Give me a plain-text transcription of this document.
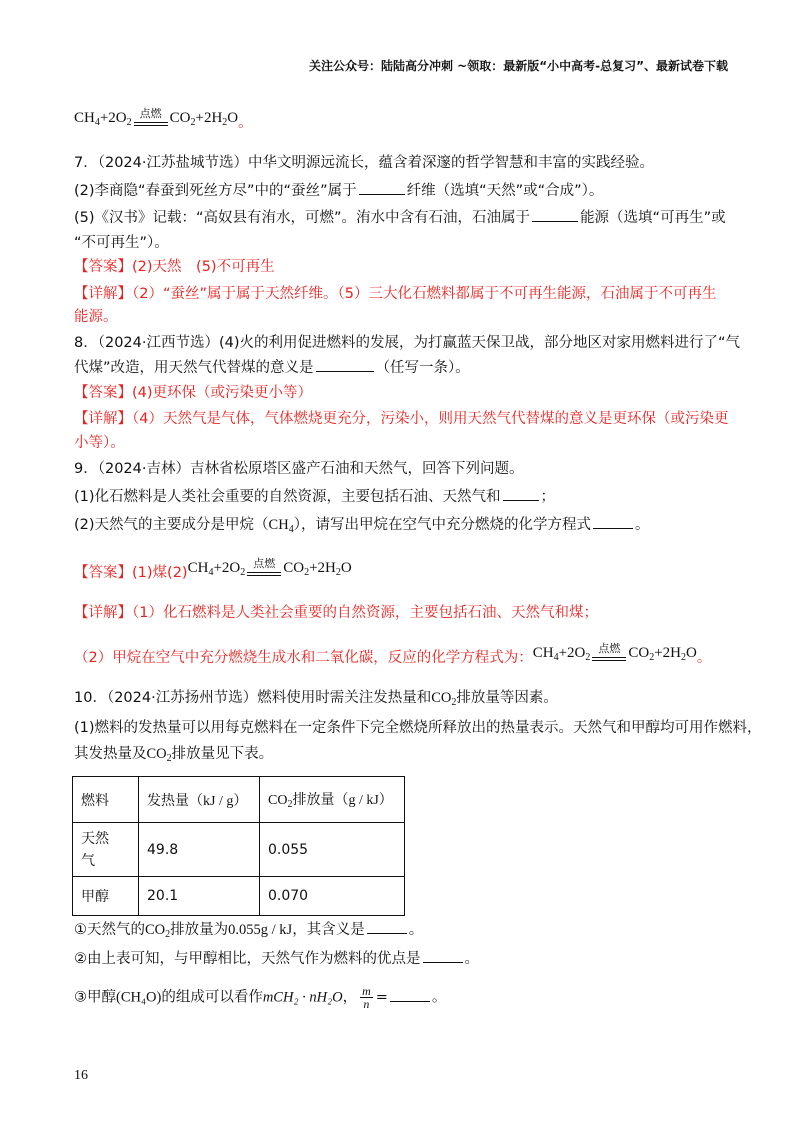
关注公众号：陆陆高分冲刺 ~领取：最新版“小中高考-总复习”、最新试卷下载
$CH_4+2O_2$
点燃 $CO_2+2H_2O$。
7．（2024·江苏盐城节选）中华文明源远流长，蕴含着深邃的哲学智慧和丰富的实践经验。
(2)李商隐“春蚕到死丝方尽”中的“蚕丝”属于	纤维（选填“天然”或“合成”）。
(5)《汉书》记载：“高奴县有洧水，可燃”。洧水中含有石油，石油属于	能源（选填“可再生”或
“不可再生”）。
【答案】(2)天然　(5)不可再生
【详解】（2）“蚕丝”属于属于天然纤维。（5）三大化石燃料都属于不可再生能源，石油属于不可再生
能源。
8．（2024·江西节选）(4)火的利用促进燃料的发展，为打赢蓝天保卫战，部分地区对家用燃料进行了“气
代煤”改造，用天然气代替煤的意义是	（任写一条）。
【答案】(4)更环保（或污染更小等）
【详解】（4）天然气是气体，气体燃烧更充分，污染小，则用天然气代替煤的意义是更环保（或污染更
小等）。
9．（2024·吉林）吉林省松原塔区盛产石油和天然气，回答下列问题。
(1)化石燃料是人类社会重要的自然资源，主要包括石油、天然气和	；
(2)天然气的主要成分是甲烷$(CH_4)$，请写出甲烷在空气中充分燃烧的化学方程式	。
【答案】(1)煤$(2)CH_4+2O_2$
点燃 $CO_2+2H_2O$
【详解】（1）化石燃料是人类社会重要的自然资源，主要包括石油、天然气和煤；
（2）甲烷在空气中充分燃烧生成水和二氧化碳，反应的化学方程式为：$CH_4+2O_2$
点燃 $CO_2+2H_2O$。
10．（2024·江苏扬州节选）燃料使用时需关注发热量和$CO_2$排放量等因素。
(1)燃料的发热量可以用每克燃料在一定条件下完全燃烧所释放出的热量表示。天然气和甲醇均可用作燃料，
其发热量及$CO_2$排放量见下表。
燃料	发热量（kJ / g）	$CO_2$排放量（g / kJ）
天然
气	49.8	0.055
甲醇	20.1	0.070
①天然气的$CO_2$排放量为0.055g / kJ，其含义是	。
②由上表可知，与甲醇相比，天然气作为燃料的优点是	。
③甲醇(CH₄O)的组成可以看作mCH₂ · nH₂O， $\frac{m}{n}$ =	。
16
